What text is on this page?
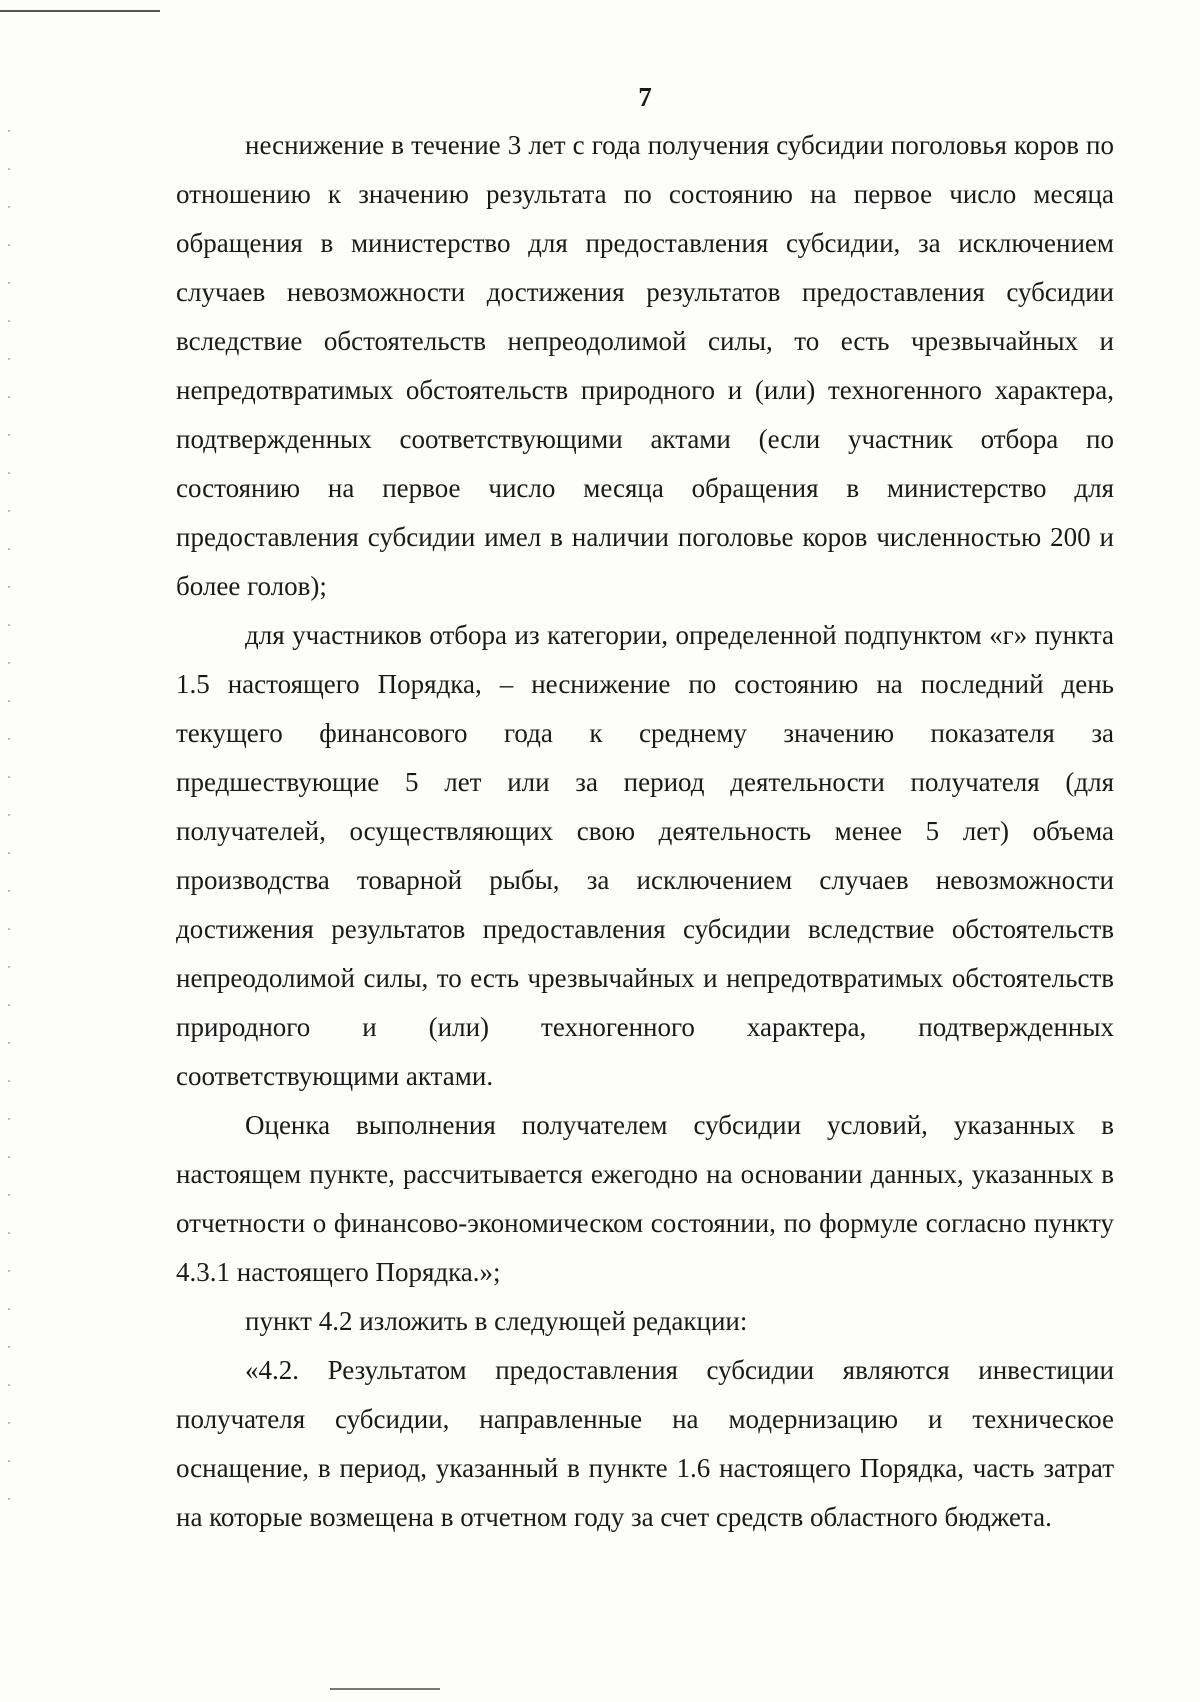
7

неснижение в течение 3 лет с года получения субсидии поголовья коров по отношению к значению результата по состоянию на первое число месяца обращения в министерство для предоставления субсидии, за исключением случаев невозможности достижения результатов предоставления субсидии вследствие обстоятельств непреодолимой силы, то есть чрезвычайных и непредотвратимых обстоятельств природного и (или) техногенного характера, подтвержденных соответствующими актами (если участник отбора по состоянию на первое число месяца обращения в министерство для предоставления субсидии имел в наличии поголовье коров численностью 200 и более голов);

для участников отбора из категории, определенной подпунктом «г» пункта 1.5 настоящего Порядка, – неснижение по состоянию на последний день текущего финансового года к среднему значению показателя за предшествующие 5 лет или за период деятельности получателя (для получателей, осуществляющих свою деятельность менее 5 лет) объема производства товарной рыбы, за исключением случаев невозможности достижения результатов предоставления субсидии вследствие обстоятельств непреодолимой силы, то есть чрезвычайных и непредотвратимых обстоятельств природного и (или) техногенного характера, подтвержденных соответствующими актами.

Оценка выполнения получателем субсидии условий, указанных в настоящем пункте, рассчитывается ежегодно на основании данных, указанных в отчетности о финансово-экономическом состоянии, по формуле согласно пункту 4.3.1 настоящего Порядка.»;

пункт 4.2 изложить в следующей редакции:

«4.2. Результатом предоставления субсидии являются инвестиции получателя субсидии, направленные на модернизацию и техническое оснащение, в период, указанный в пункте 1.6 настоящего Порядка, часть затрат на которые возмещена в отчетном году за счет средств областного бюджета.
